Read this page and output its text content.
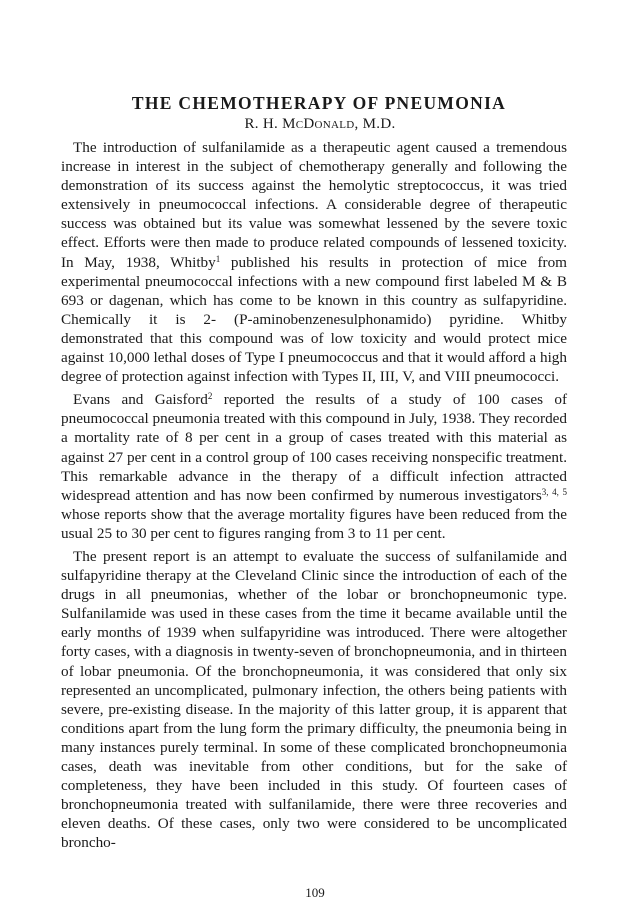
THE CHEMOTHERAPY OF PNEUMONIA
R. H. McDonald, M.D.

The introduction of sulfanilamide as a therapeutic agent caused a tremendous increase in interest in the subject of chemotherapy generally and following the demonstration of its success against the hemolytic streptococcus, it was tried extensively in pneumococcal infections. A considerable degree of therapeutic success was obtained but its value was somewhat lessened by the severe toxic effect. Efforts were then made to produce related compounds of lessened toxicity. In May, 1938, Whitby$^1$ published his results in protection of mice from experimental pneumococcal infections with a new compound first labeled M & B 693 or dagenan, which has come to be known in this country as sulfapyridine. Chemically it is 2- (P-aminobenzenesulphonamido) pyridine. Whitby demonstrated that this compound was of low toxicity and would protect mice against 10,000 lethal doses of Type I pneumococcus and that it would afford a high degree of protection against infection with Types II, III, V, and VIII pneumococci.

Evans and Gaisford$^2$ reported the results of a study of 100 cases of pneumococcal pneumonia treated with this compound in July, 1938. They recorded a mortality rate of 8 per cent in a group of cases treated with this material as against 27 per cent in a control group of 100 cases receiving nonspecific treatment. This remarkable advance in the therapy of a difficult infection attracted widespread attention and has now been confirmed by numerous investigators$^{3, 4, 5}$ whose reports show that the average mortality figures have been reduced from the usual 25 to 30 per cent to figures ranging from 3 to 11 per cent.

The present report is an attempt to evaluate the success of sulfanilamide and sulfapyridine therapy at the Cleveland Clinic since the introduction of each of the drugs in all pneumonias, whether of the lobar or bronchopneumonic type. Sulfanilamide was used in these cases from the time it became available until the early months of 1939 when sulfapyridine was introduced. There were altogether forty cases, with a diagnosis in twenty-seven of bronchopneumonia, and in thirteen of lobar pneumonia. Of the bronchopneumonia, it was considered that only six represented an uncomplicated, pulmonary infection, the others being patients with severe, pre-existing disease. In the majority of this latter group, it is apparent that conditions apart from the lung form the primary difficulty, the pneumonia being in many instances purely terminal. In some of these complicated bronchopneumonia cases, death was inevitable from other conditions, but for the sake of completeness, they have been included in this study. Of fourteen cases of bronchopneumonia treated with sulfanilamide, there were three recoveries and eleven deaths. Of these cases, only two were considered to be uncomplicated broncho-

109
